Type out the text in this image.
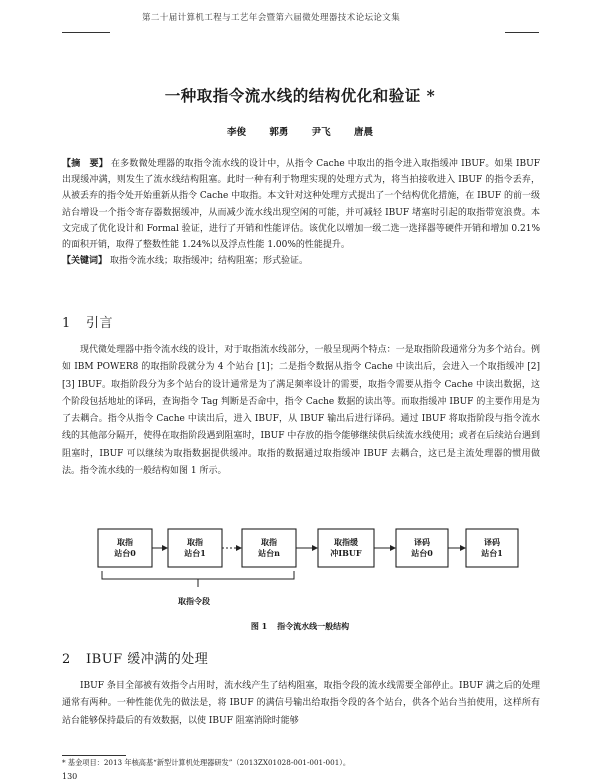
第二十届计算机工程与工艺年会暨第六届微处理器技术论坛论文集
一种取指令流水线的结构优化和验证 *
李俊 郭勇 尹飞 唐晨
【摘　要】 在多数微处理器的取指令流水线的设计中，从指令 Cache 中取出的指令进入取指缓冲 IBUF。如果 IBUF 出现缓冲满，则发生了流水线结构阻塞。此时一种有利于物理实现的处理方式为，将当拍接收进入 IBUF 的指令丢弃，从被丢弃的指令处开始重新从指令 Cache 中取指。本文针对这种处理方式提出了一个结构优化措施，在 IBUF 的前一级站台增设一个指令寄存器数据缓冲，从而减少流水线出现空闲的可能，并可减轻 IBUF 堵塞时引起的取指带宽浪费。本文完成了优化设计和 Formal 验证，进行了开销和性能评估。该优化以增加一级二选一选择器等硬件开销和增加 0.21%的面积开销，取得了整数性能 1.24%以及浮点性能 1.00%的性能提升。
【关键词】 取指令流水线；取指缓冲；结构阻塞；形式验证。
1 引言
现代微处理器中指令流水线的设计，对于取指流水线部分，一般呈现两个特点：一是取指阶段通常分为多个站台。例如 IBM POWER8 的取指阶段就分为 4 个站台 [1]；二是指令数据从指令 Cache 中读出后，会进入一个取指缓冲 [2][3] IBUF。取指阶段分为多个站台的设计通常是为了满足频率设计的需要，取指令需要从指令 Cache 中读出数据，这个阶段包括地址的译码，查询指令 Tag 判断是否命中，指令 Cache 数据的读出等。而取指缓冲 IBUF 的主要作用是为了去耦合。指令从指令 Cache 中读出后，进入 IBUF，从 IBUF 输出后进行译码。通过 IBUF 将取指阶段与指令流水线的其他部分隔开，使得在取指阶段遇到阻塞时，IBUF 中存放的指令能够继续供后续流水线使用；或者在后续站台遇到阻塞时，IBUF 可以继续为取指数据提供缓冲。取指的数据通过取指缓冲 IBUF 去耦合，这已是主流处理器的惯用做法。指令流水线的一般结构如图 1 所示。
取指
站台0
取指
站台1
取指
站台n
取指缓
冲IBUF
译码
站台0
译码
站台1
取指令段
图 1 指令流水线一般结构
2 IBUF 缓冲满的处理
IBUF 条目全部被有效指令占用时，流水线产生了结构阻塞，取指令段的流水线需要全部停止。IBUF 满之后的处理通常有两种。一种性能优先的做法是，将 IBUF 的满信号输出给取指令段的各个站台，供各个站台当拍使用，这样所有站台能够保持最后的有效数据，以使 IBUF 阻塞消除时能够
* 基金项目：2013 年核高基“新型计算机处理器研发”（2013ZX01028-001-001-001）。
130
